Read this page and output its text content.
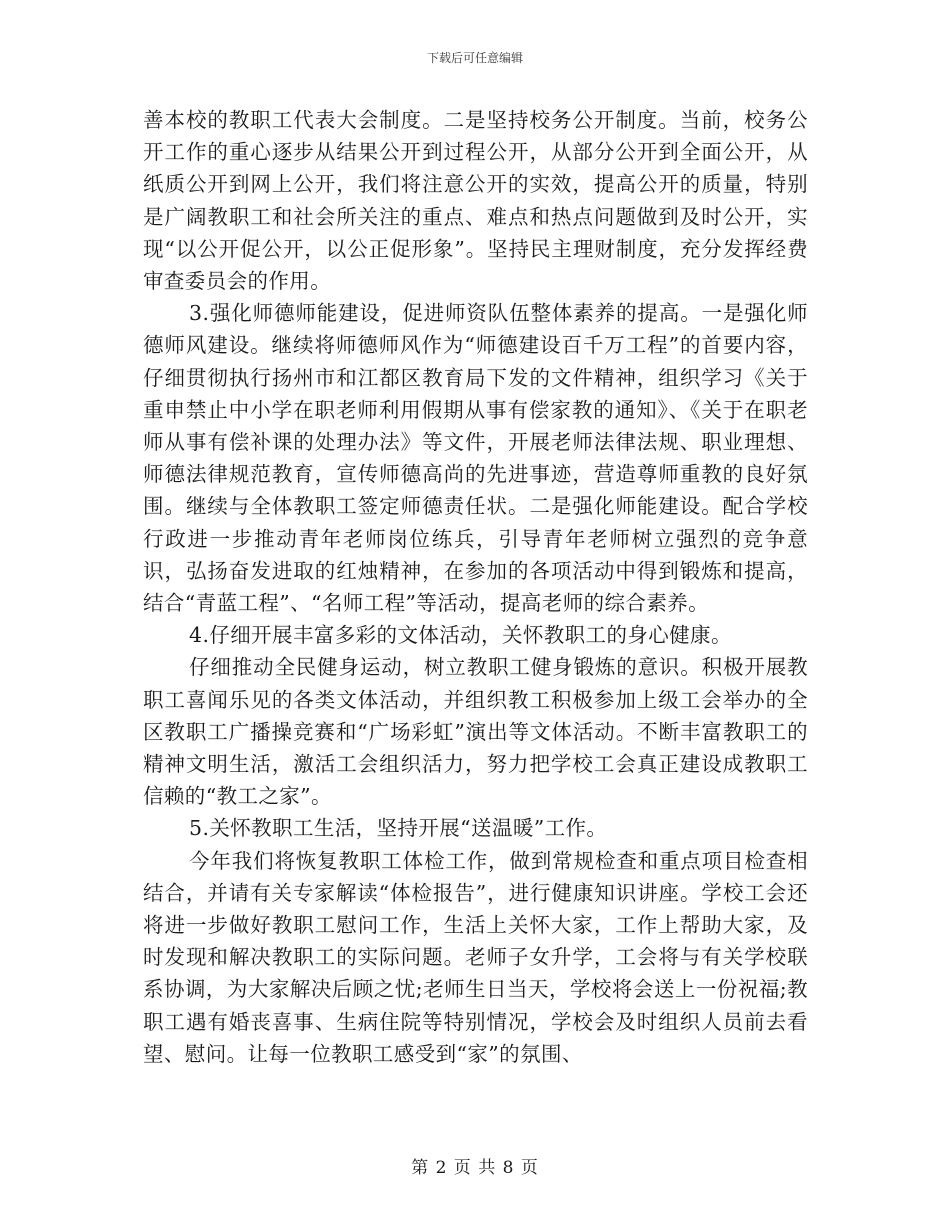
下载后可任意编辑

善本校的教职工代表大会制度。二是坚持校务公开制度。当前，校务公开工作的重心逐步从结果公开到过程公开，从部分公开到全面公开，从纸质公开到网上公开，我们将注意公开的实效，提高公开的质量，特别是广阔教职工和社会所关注的重点、难点和热点问题做到及时公开，实现“以公开促公开，以公正促形象”。坚持民主理财制度，充分发挥经费审查委员会的作用。

3.强化师德师能建设，促进师资队伍整体素养的提高。一是强化师德师风建设。继续将师德师风作为“师德建设百千万工程”的首要内容，仔细贯彻执行扬州市和江都区教育局下发的文件精神，组织学习《关于重申禁止中小学在职老师利用假期从事有偿家教的通知》、《关于在职老师从事有偿补课的处理办法》等文件，开展老师法律法规、职业理想、师德法律规范教育，宣传师德高尚的先进事迹，营造尊师重教的良好氛围。继续与全体教职工签定师德责任状。二是强化师能建设。配合学校行政进一步推动青年老师岗位练兵，引导青年老师树立强烈的竞争意识，弘扬奋发进取的红烛精神，在参加的各项活动中得到锻炼和提高，结合“青蓝工程”、“名师工程”等活动，提高老师的综合素养。

4.仔细开展丰富多彩的文体活动，关怀教职工的身心健康。

仔细推动全民健身运动，树立教职工健身锻炼的意识。积极开展教职工喜闻乐见的各类文体活动，并组织教工积极参加上级工会举办的全区教职工广播操竞赛和“广场彩虹”演出等文体活动。不断丰富教职工的精神文明生活，激活工会组织活力，努力把学校工会真正建设成教职工信赖的“教工之家”。

5.关怀教职工生活，坚持开展“送温暖”工作。

今年我们将恢复教职工体检工作，做到常规检查和重点项目检查相结合，并请有关专家解读“体检报告”，进行健康知识讲座。学校工会还将进一步做好教职工慰问工作，生活上关怀大家，工作上帮助大家，及时发现和解决教职工的实际问题。老师子女升学，工会将与有关学校联系协调，为大家解决后顾之忧;老师生日当天，学校将会送上一份祝福;教职工遇有婚丧喜事、生病住院等特别情况，学校会及时组织人员前去看望、慰问。让每一位教职工感受到“家”的氛围、

第 2 页 共 8 页
